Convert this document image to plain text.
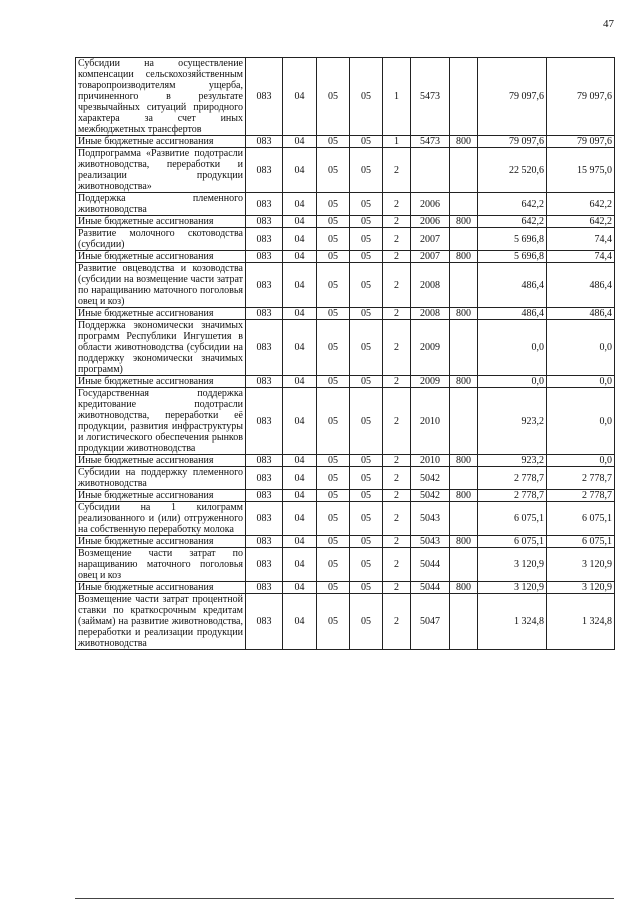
47
Субсидии на осуществление компенсации сельскохозяйственным товаропроизводителям ущерба, причиненного в результате чрезвычайных ситуаций природного характера за счет иных межбюджетных трансфертов	083	04	05	05	1	5473		79 097,6	79 097,6
Иные бюджетные ассигнования	083	04	05	05	1	5473	800	79 097,6	79 097,6
Подпрограмма «Развитие подотрасли животноводства, переработки и реализации продукции животноводства»	083	04	05	05	2			22 520,6	15 975,0
Поддержка племенного животноводства	083	04	05	05	2	2006		642,2	642,2
Иные бюджетные ассигнования	083	04	05	05	2	2006	800	642,2	642,2
Развитие молочного скотоводства (субсидии)	083	04	05	05	2	2007		5 696,8	74,4
Иные бюджетные ассигнования	083	04	05	05	2	2007	800	5 696,8	74,4
Развитие овцеводства и козоводства (субсидии на возмещение части затрат по наращиванию маточного поголовья овец и коз)	083	04	05	05	2	2008		486,4	486,4
Иные бюджетные ассигнования	083	04	05	05	2	2008	800	486,4	486,4
Поддержка экономически значимых программ Республики Ингушетия в области животноводства (субсидии на поддержку экономически значимых программ)	083	04	05	05	2	2009		0,0	0,0
Иные бюджетные ассигнования	083	04	05	05	2	2009	800	0,0	0,0
Государственная поддержка кредитование подотрасли животноводства, переработки её продукции, развития инфраструктуры и логистического обеспечения рынков продукции животноводства	083	04	05	05	2	2010		923,2	0,0
Иные бюджетные ассигнования	083	04	05	05	2	2010	800	923,2	0,0
Субсидии на поддержку племенного животноводства	083	04	05	05	2	5042		2 778,7	2 778,7
Иные бюджетные ассигнования	083	04	05	05	2	5042	800	2 778,7	2 778,7
Субсидии на 1 килограмм реализованного и (или) отгруженного на собственную переработку молока	083	04	05	05	2	5043		6 075,1	6 075,1
Иные бюджетные ассигнования	083	04	05	05	2	5043	800	6 075,1	6 075,1
Возмещение части затрат по наращиванию маточного поголовья овец и коз	083	04	05	05	2	5044		3 120,9	3 120,9
Иные бюджетные ассигнования	083	04	05	05	2	5044	800	3 120,9	3 120,9
Возмещение части затрат процентной ставки по краткосрочным кредитам (займам) на развитие животноводства, переработки и реализации продукции животноводства	083	04	05	05	2	5047		1 324,8	1 324,8
